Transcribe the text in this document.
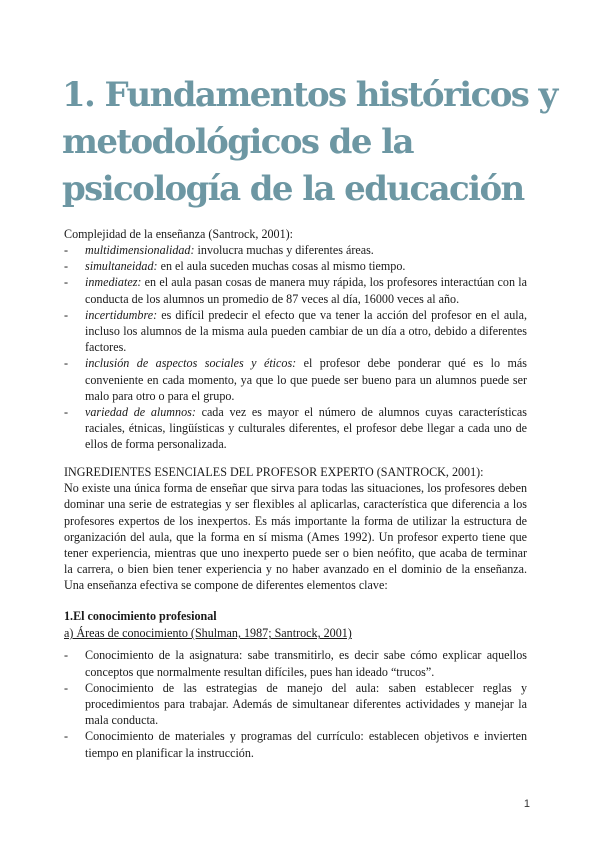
1. Fundamentos históricos y metodológicos de la psicología de la educación

Complejidad de la enseñanza (Santrock, 2001):

- multidimensionalidad: involucra muchas y diferentes áreas.
- simultaneidad: en el aula suceden muchas cosas al mismo tiempo.
- inmediatez: en el aula pasan cosas de manera muy rápida, los profesores interactúan con la conducta de los alumnos un promedio de 87 veces al día, 16000 veces al año.
- incertidumbre: es difícil predecir el efecto que va tener la acción del profesor en el aula, incluso los alumnos de la misma aula pueden cambiar de un día a otro, debido a diferentes factores.
- inclusión de aspectos sociales y éticos: el profesor debe ponderar qué es lo más conveniente en cada momento, ya que lo que puede ser bueno para un alumnos puede ser malo para otro o para el grupo.
- variedad de alumnos: cada vez es mayor el número de alumnos cuyas características raciales, étnicas, lingüísticas y culturales diferentes, el profesor debe llegar a cada uno de ellos de forma personalizada.

INGREDIENTES ESENCIALES DEL PROFESOR EXPERTO (SANTROCK, 2001):

No existe una única forma de enseñar que sirva para todas las situaciones, los profesores deben dominar una serie de estrategias y ser flexibles al aplicarlas, característica que diferencia a los profesores expertos de los inexpertos. Es más importante la forma de utilizar la estructura de organización del aula, que la forma en sí misma (Ames 1992). Un profesor experto tiene que tener experiencia, mientras que uno inexperto puede ser o bien neófito, que acaba de terminar la carrera, o bien bien tener experiencia y no haber avanzado en el dominio de la enseñanza. Una enseñanza efectiva se compone de diferentes elementos clave:

1.El conocimiento profesional

a) Áreas de conocimiento (Shulman, 1987; Santrock, 2001)

- Conocimiento de la asignatura: sabe transmitirlo, es decir sabe cómo explicar aquellos conceptos que normalmente resultan difíciles, pues han ideado “trucos”.
- Conocimiento de las estrategias de manejo del aula: saben establecer reglas y procedimientos para trabajar. Además de simultanear diferentes actividades y manejar la mala conducta.
- Conocimiento de materiales y programas del currículo: establecen objetivos e invierten tiempo en planificar la instrucción.
1
